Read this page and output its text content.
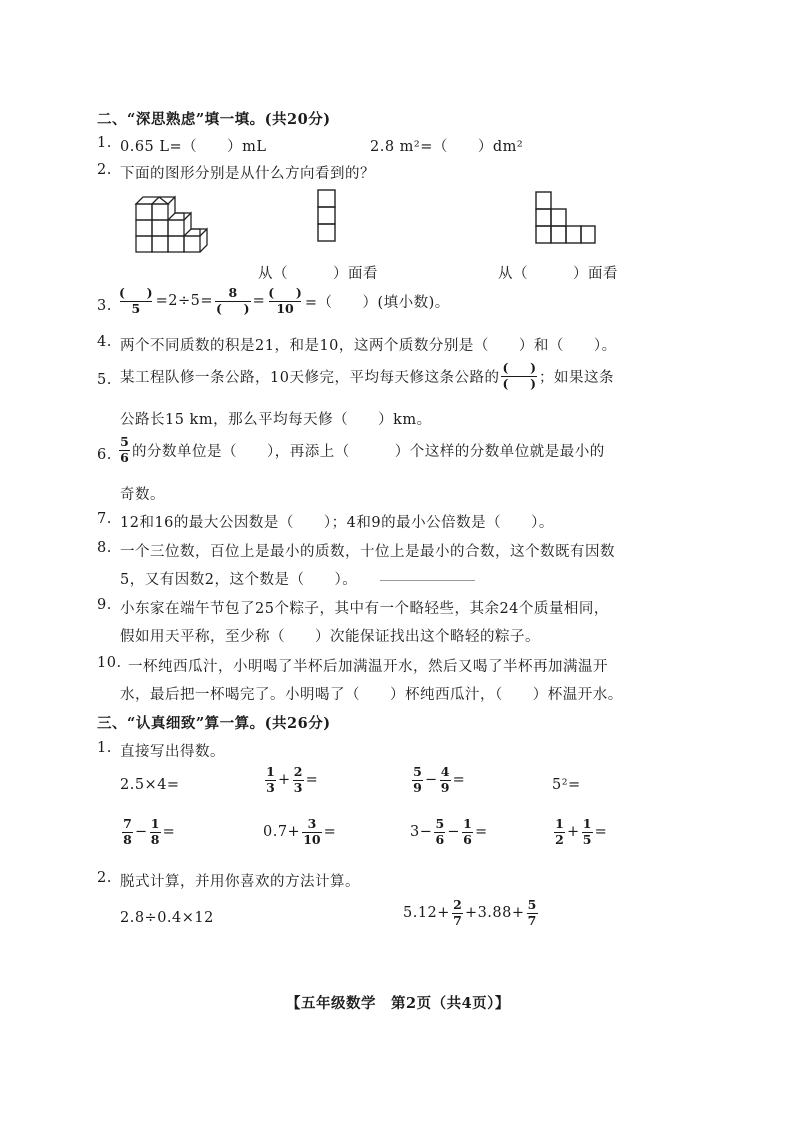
二、“深思熟虑”填一填。(共20分)
1. 0.65 L=（　　）mL	2.8 m²=（　　）dm²
2. 下面的图形分别是从什么方向看到的？
从（　　　）面看	从（　　　）面看
3. $\frac{( )}{5} =2\div 5= \frac{8}{( )} = \frac{( )}{10}$ =（　　）(填小数)。
4. 两个不同质数的积是21，和是10，这两个质数分别是（　　）和（　　）。
5. 某工程队修一条公路，10天修完，平均每天修这条公路的 $\frac{( )}{( )}$ ；如果这条
公路长15 km，那么平均每天修（　　）km。
6. $\frac{5}{6}$ 的分数单位是（　　），再添上（　　　）个这样的分数单位就是最小的
奇数。
7. 12和16的最大公因数是（　　）；4和9的最小公倍数是（　　）。
8. 一个三位数，百位上是最小的质数，十位上是最小的合数，这个数既有因数
5，又有因数2，这个数是（　　）。
9. 小东家在端午节包了25个粽子，其中有一个略轻些，其余24个质量相同，
假如用天平称，至少称（　　）次能保证找出这个略轻的粽子。
10. 一杯纯西瓜汁，小明喝了半杯后加满温开水，然后又喝了半杯再加满温开
水，最后把一杯喝完了。小明喝了（　　）杯纯西瓜汁，（　　）杯温开水。
三、“认真细致”算一算。(共26分)
1. 直接写出得数。
2.5×4=	$\frac{1}{3} + \frac{2}{3}$ =	$\frac{5}{9} - \frac{4}{9}$ =	5²=
$\frac{7}{8} - \frac{1}{8}$ =	$0.7+ \frac{3}{10}$ =	$3- \frac{5}{6} - \frac{1}{6}$ =	$\frac{1}{2} + \frac{1}{5}$ =
2. 脱式计算，并用你喜欢的方法计算。
2.8÷0.4×12	$5.12+ \frac{2}{7} +3.88+ \frac{5}{7}$
【五年级数学　第2页（共4页）】
